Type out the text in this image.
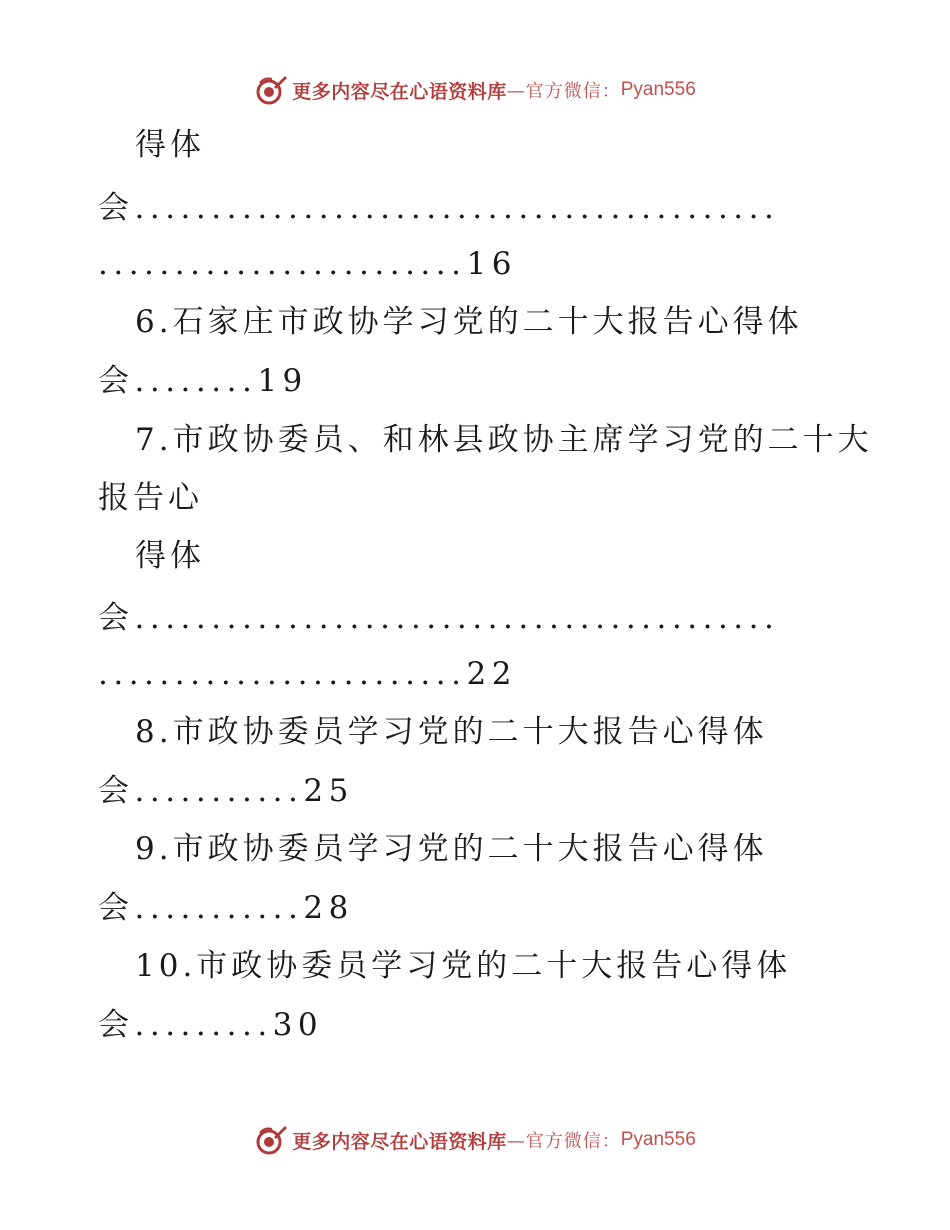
更多内容尽在心语资料库 —官方微信： Pyan556
得体
会..........................................
........................16
6.石家庄市政协学习党的二十大报告心得体
会........19
7.市政协委员、和林县政协主席学习党的二十大
报告心
得体
会..........................................
........................22
8.市政协委员学习党的二十大报告心得体
会...........25
9.市政协委员学习党的二十大报告心得体
会...........28
10.市政协委员学习党的二十大报告心得体
会.........30
更多内容尽在心语资料库 —官方微信： Pyan556
